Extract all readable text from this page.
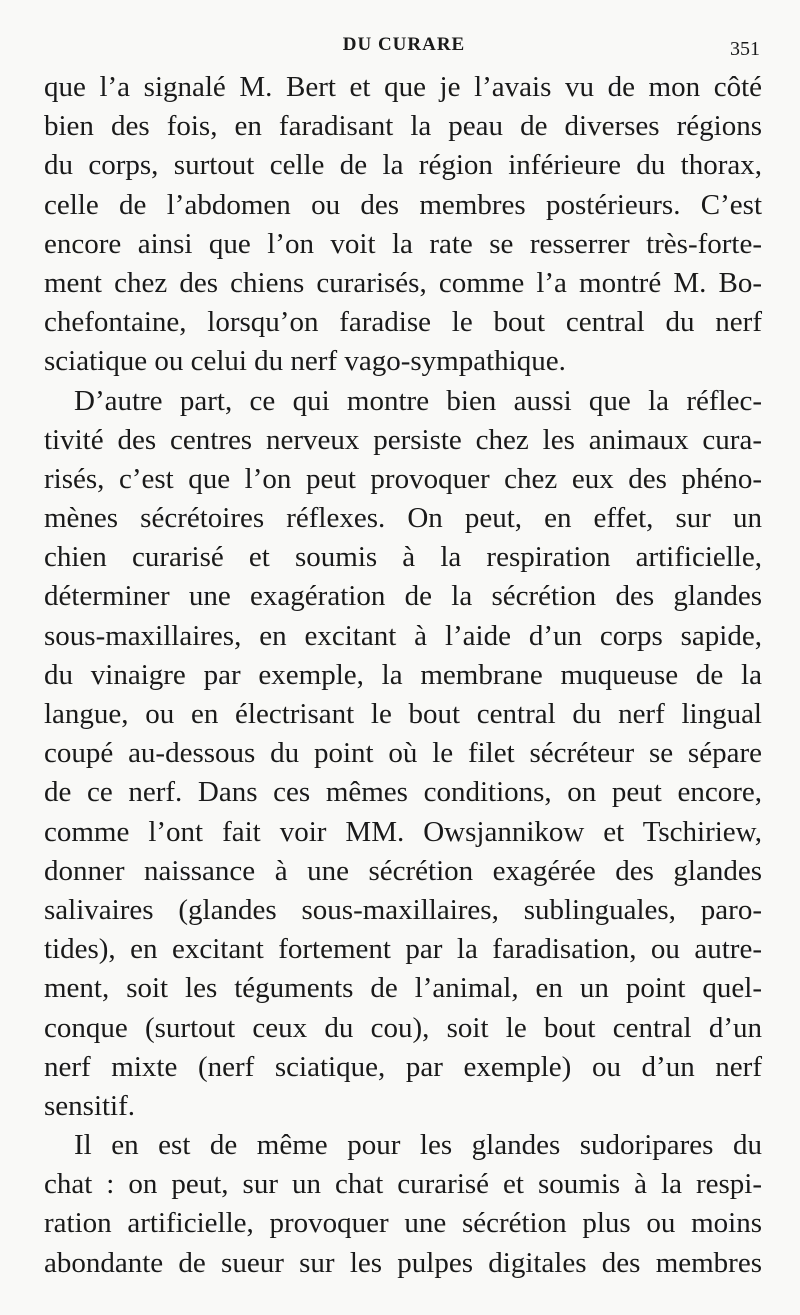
DU CURARE	351
que l’a signalé M. Bert et que je l’avais vu de mon côté
bien des fois, en faradisant la peau de diverses régions
du corps, surtout celle de la région inférieure du thorax,
celle de l’abdomen ou des membres postérieurs. C’est
encore ainsi que l’on voit la rate se resserrer très-forte-
ment chez des chiens curarisés, comme l’a montré M. Bo-
chefontaine, lorsqu’on faradise le bout central du nerf
sciatique ou celui du nerf vago-sympathique.
D’autre part, ce qui montre bien aussi que la réflec-
tivité des centres nerveux persiste chez les animaux cura-
risés, c’est que l’on peut provoquer chez eux des phéno-
mènes sécrétoires réflexes. On peut, en effet, sur un
chien curarisé et soumis à la respiration artificielle,
déterminer une exagération de la sécrétion des glandes
sous-maxillaires, en excitant à l’aide d’un corps sapide,
du vinaigre par exemple, la membrane muqueuse de la
langue, ou en électrisant le bout central du nerf lingual
coupé au-dessous du point où le filet sécréteur se sépare
de ce nerf. Dans ces mêmes conditions, on peut encore,
comme l’ont fait voir MM. Owsjannikow et Tschiriew,
donner naissance à une sécrétion exagérée des glandes
salivaires (glandes sous-maxillaires, sublinguales, paro-
tides), en excitant fortement par la faradisation, ou autre-
ment, soit les téguments de l’animal, en un point quel-
conque (surtout ceux du cou), soit le bout central d’un
nerf mixte (nerf sciatique, par exemple) ou d’un nerf
sensitif.
Il en est de même pour les glandes sudoripares du
chat : on peut, sur un chat curarisé et soumis à la respi-
ration artificielle, provoquer une sécrétion plus ou moins
abondante de sueur sur les pulpes digitales des membres
